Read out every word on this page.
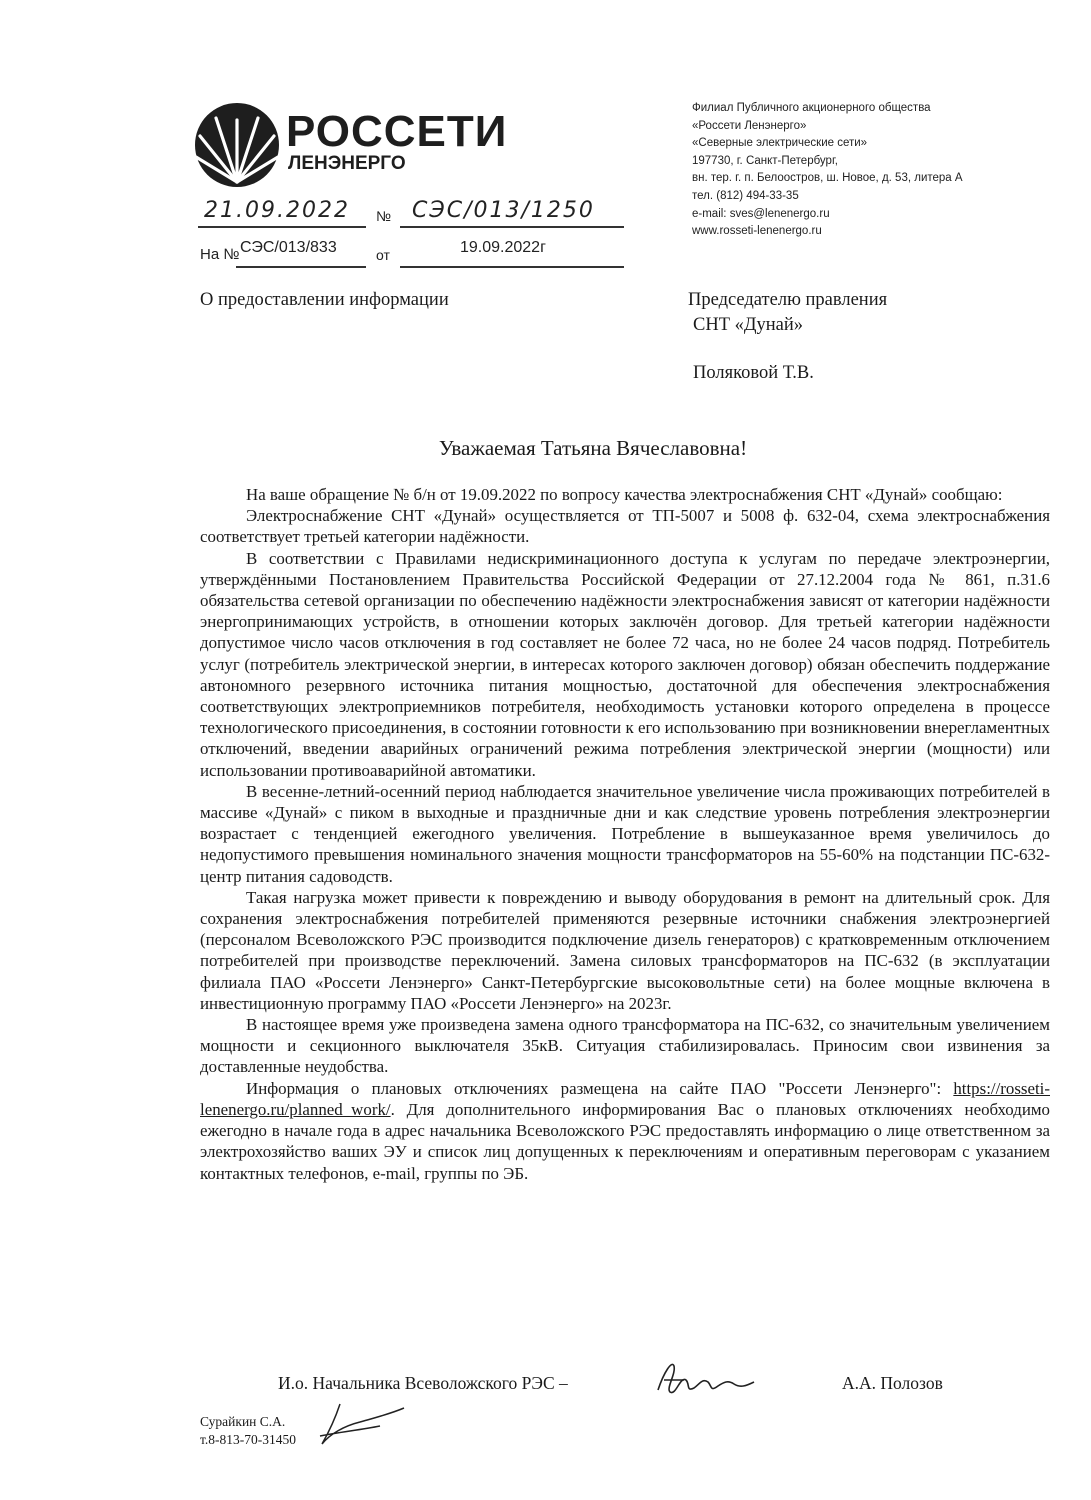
РОССЕТИ
ЛЕНЭНЕРГО
Филиал Публичного акционерного общества
«Россети Ленэнерго»
«Северные электрические сети»
197730, г. Санкт-Петербург,
вн. тер. г. п. Белоостров, ш. Новое, д. 53, литера А
тел. (812) 494-33-35
e-mail: sves@lenenergo.ru
www.rosseti-lenenergo.ru
21.09.2022 № СЭС/013/1250
На № СЭС/013/833	от	19.09.2022г
О предоставлении информации	Председателю правления
СНТ «Дунай»
Поляковой Т.В.
Уважаемая Татьяна Вячеславовна!

На ваше обращение № б/н от 19.09.2022 по вопросу качества электроснабжения СНТ «Дунай» сообщаю:

Электроснабжение СНТ «Дунай» осуществляется от ТП-5007 и 5008 ф. 632-04, схема электроснабжения соответствует третьей категории надёжности.

В соответствии с Правилами недискриминационного доступа к услугам по передаче электроэнергии, утверждёнными Постановлением Правительства Российской Федерации от 27.12.2004 года № 861, п.31.6 обязательства сетевой организации по обеспечению надёжности электроснабжения зависят от категории надёжности энергопринимающих устройств, в отношении которых заключён договор. Для третьей категории надёжности допустимое число часов отключения в год составляет не более 72 часа, но не более 24 часов подряд. Потребитель услуг (потребитель электрической энергии, в интересах которого заключен договор) обязан обеспечить поддержание автономного резервного источника питания мощностью, достаточной для обеспечения электроснабжения соответствующих электроприемников потребителя, необходимость установки которого определена в процессе технологического присоединения, в состоянии готовности к его использованию при возникновении внерегламентных отключений, введении аварийных ограничений режима потребления электрической энергии (мощности) или использовании противоаварийной автоматики.

В весенне-летний-осенний период наблюдается значительное увеличение числа проживающих потребителей в массиве «Дунай» с пиком в выходные и праздничные дни и как следствие уровень потребления электроэнергии возрастает с тенденцией ежегодного увеличения. Потребление в вышеуказанное время увеличилось до недопустимого превышения номинального значения мощности трансформаторов на 55-60% на подстанции ПС-632-центр питания садоводств.

Такая нагрузка может привести к повреждению и выводу оборудования в ремонт на длительный срок. Для сохранения электроснабжения потребителей применяются резервные источники снабжения электроэнергией (персоналом Всеволожского РЭС производится подключение дизель генераторов) с кратковременным отключением потребителей при производстве переключений. Замена силовых трансформаторов на ПС-632 (в эксплуатации филиала ПАО «Россети Ленэнерго» Санкт-Петербургские высоковольтные сети) на более мощные включена в инвестиционную программу ПАО «Россети Ленэнерго» на 2023г.

В настоящее время уже произведена замена одного трансформатора на ПС-632, со значительным увеличением мощности и секционного выключателя 35кВ. Ситуация стабилизировалась. Приносим свои извинения за доставленные неудобства.

Информация о плановых отключениях размещена на сайте ПАО "Россети Ленэнерго": https://rosseti-lenenergo.ru/planned_work/. Для дополнительного информирования Вас о плановых отключениях необходимо ежегодно в начале года в адрес начальника Всеволожского РЭС предоставлять информацию о лице ответственном за электрохозяйство ваших ЭУ и список лиц допущенных к переключениям и оперативным переговорам с указанием контактных телефонов, e-mail, группы по ЭБ.

И.о. Начальника Всеволожского РЭС –	А.А. Полозов
Сурайкин С.А.
т.8-813-70-31450
